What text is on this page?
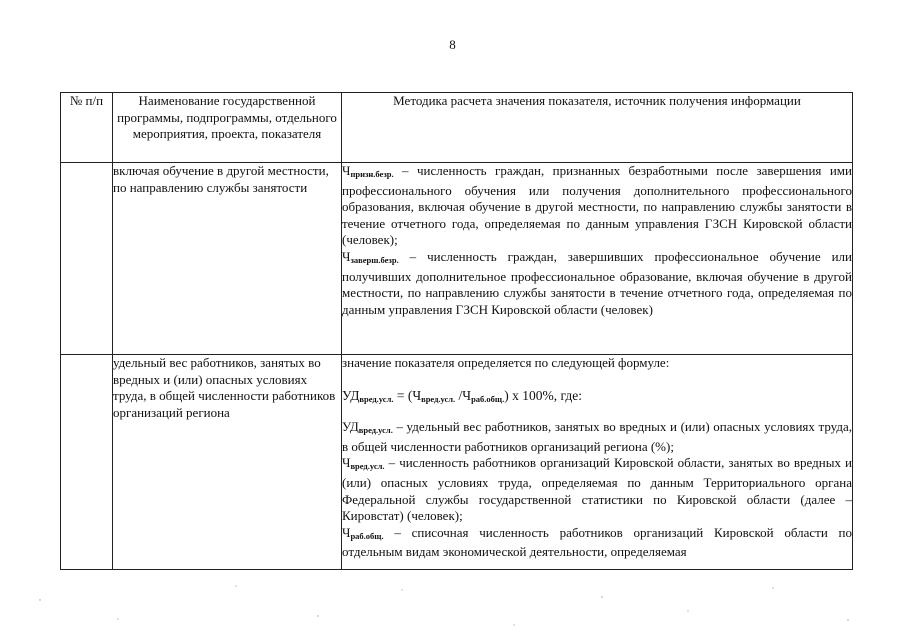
8
№ п/п	Наименование государственной программы, подпрограммы, отдельного мероприятия, проекта, показателя	Методика расчета значения показателя, источник получения информации
	включая обучение в другой местности, по направлению службы занятости	$Ч_{призн.безр.}$ – численность граждан, признанных безработными после завершения ими профессионального обучения или получения дополнительного профессионального образования, включая обучение в другой местности, по направлению службы занятости в течение отчетного года, определяемая по данным управления ГЗСН Кировской области (человек);

$Ч_{заверш.безр.}$ – численность граждан, завершивших профессиональное обучение или получивших дополнительное профессиональное образование, включая обучение в другой местности, по направлению службы занятости в течение отчетного года, определяемая по данным управления ГЗСН Кировской области (человек)

	удельный вес работников, занятых во вредных и (или) опасных условиях труда, в общей численности работников организаций региона	значение показателя определяется по следующей формуле:

$УД_{вред.усл.} = (Ч_{вред.усл.}$ $/Ч_{раб.общ.}$) x 100%, где:

$УД_{вред.усл.}$ – удельный вес работников, занятых во вредных и (или) опасных условиях труда, в общей численности работников организаций региона (%);

$Ч_{вред.усл.}$ – численность работников организаций Кировской области, занятых во вредных и (или) опасных условиях труда, определяемая по данным Территориального органа Федеральной службы государственной статистики по Кировской области (далее – Кировстат) (человек);

$Ч_{раб.общ.}$ – списочная численность работников организаций Кировской области по отдельным видам экономической деятельности, определяемая
